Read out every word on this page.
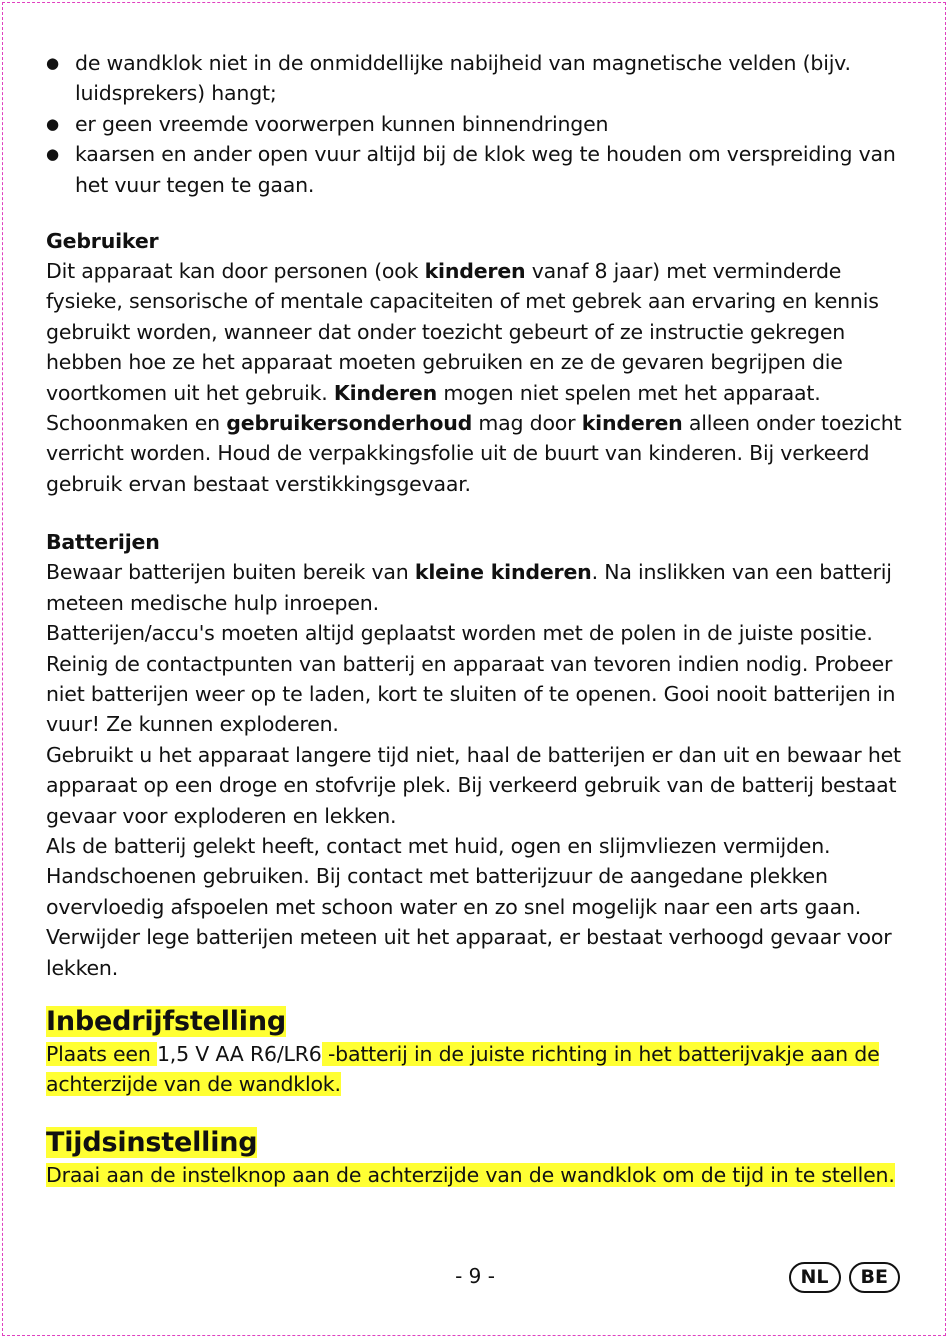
● de wandklok niet in de onmiddellijke nabijheid van magnetische velden (bijv. luidsprekers) hangt;
● er geen vreemde voorwerpen kunnen binnendringen
● kaarsen en ander open vuur altijd bij de klok weg te houden om verspreiding van het vuur tegen te gaan.
Gebruiker

Dit apparaat kan door personen (ook kinderen vanaf 8 jaar) met verminderde fysieke, sensorische of mentale capaciteiten of met gebrek aan ervaring en kennis gebruikt worden, wanneer dat onder toezicht gebeurt of ze instructie gekregen hebben hoe ze het apparaat moeten gebruiken en ze de gevaren begrijpen die voortkomen uit het gebruik. Kinderen mogen niet spelen met het apparaat. Schoonmaken en gebruikersonderhoud mag door kinderen alleen onder toezicht verricht worden. Houd de verpakkingsfolie uit de buurt van kinderen. Bij verkeerd gebruik ervan bestaat verstikkingsgevaar.

Batterijen

Bewaar batterijen buiten bereik van kleine kinderen. Na inslikken van een batterij meteen medische hulp inroepen.

Batterijen/accu's moeten altijd geplaatst worden met de polen in de juiste positie. Reinig de contactpunten van batterij en apparaat van tevoren indien nodig. Probeer niet batterijen weer op te laden, kort te sluiten of te openen. Gooi nooit batterijen in vuur! Ze kunnen exploderen.

Gebruikt u het apparaat langere tijd niet, haal de batterijen er dan uit en bewaar het apparaat op een droge en stofvrije plek. Bij verkeerd gebruik van de batterij bestaat gevaar voor exploderen en lekken.

Als de batterij gelekt heeft, contact met huid, ogen en slijmvliezen vermijden. Handschoenen gebruiken. Bij contact met batterijzuur de aangedane plekken overvloedig afspoelen met schoon water en zo snel mogelijk naar een arts gaan. Verwijder lege batterijen meteen uit het apparaat, er bestaat verhoogd gevaar voor lekken.

Inbedrijfstelling

Plaats een 1,5 V AA R6/LR6 -batterij in de juiste richting in het batterijvakje aan de achterzijde van de wandklok.

Tijdsinstelling

Draai aan de instelknop aan de achterzijde van de wandklok om de tijd in te stellen.

- 9 -	NL	BE
